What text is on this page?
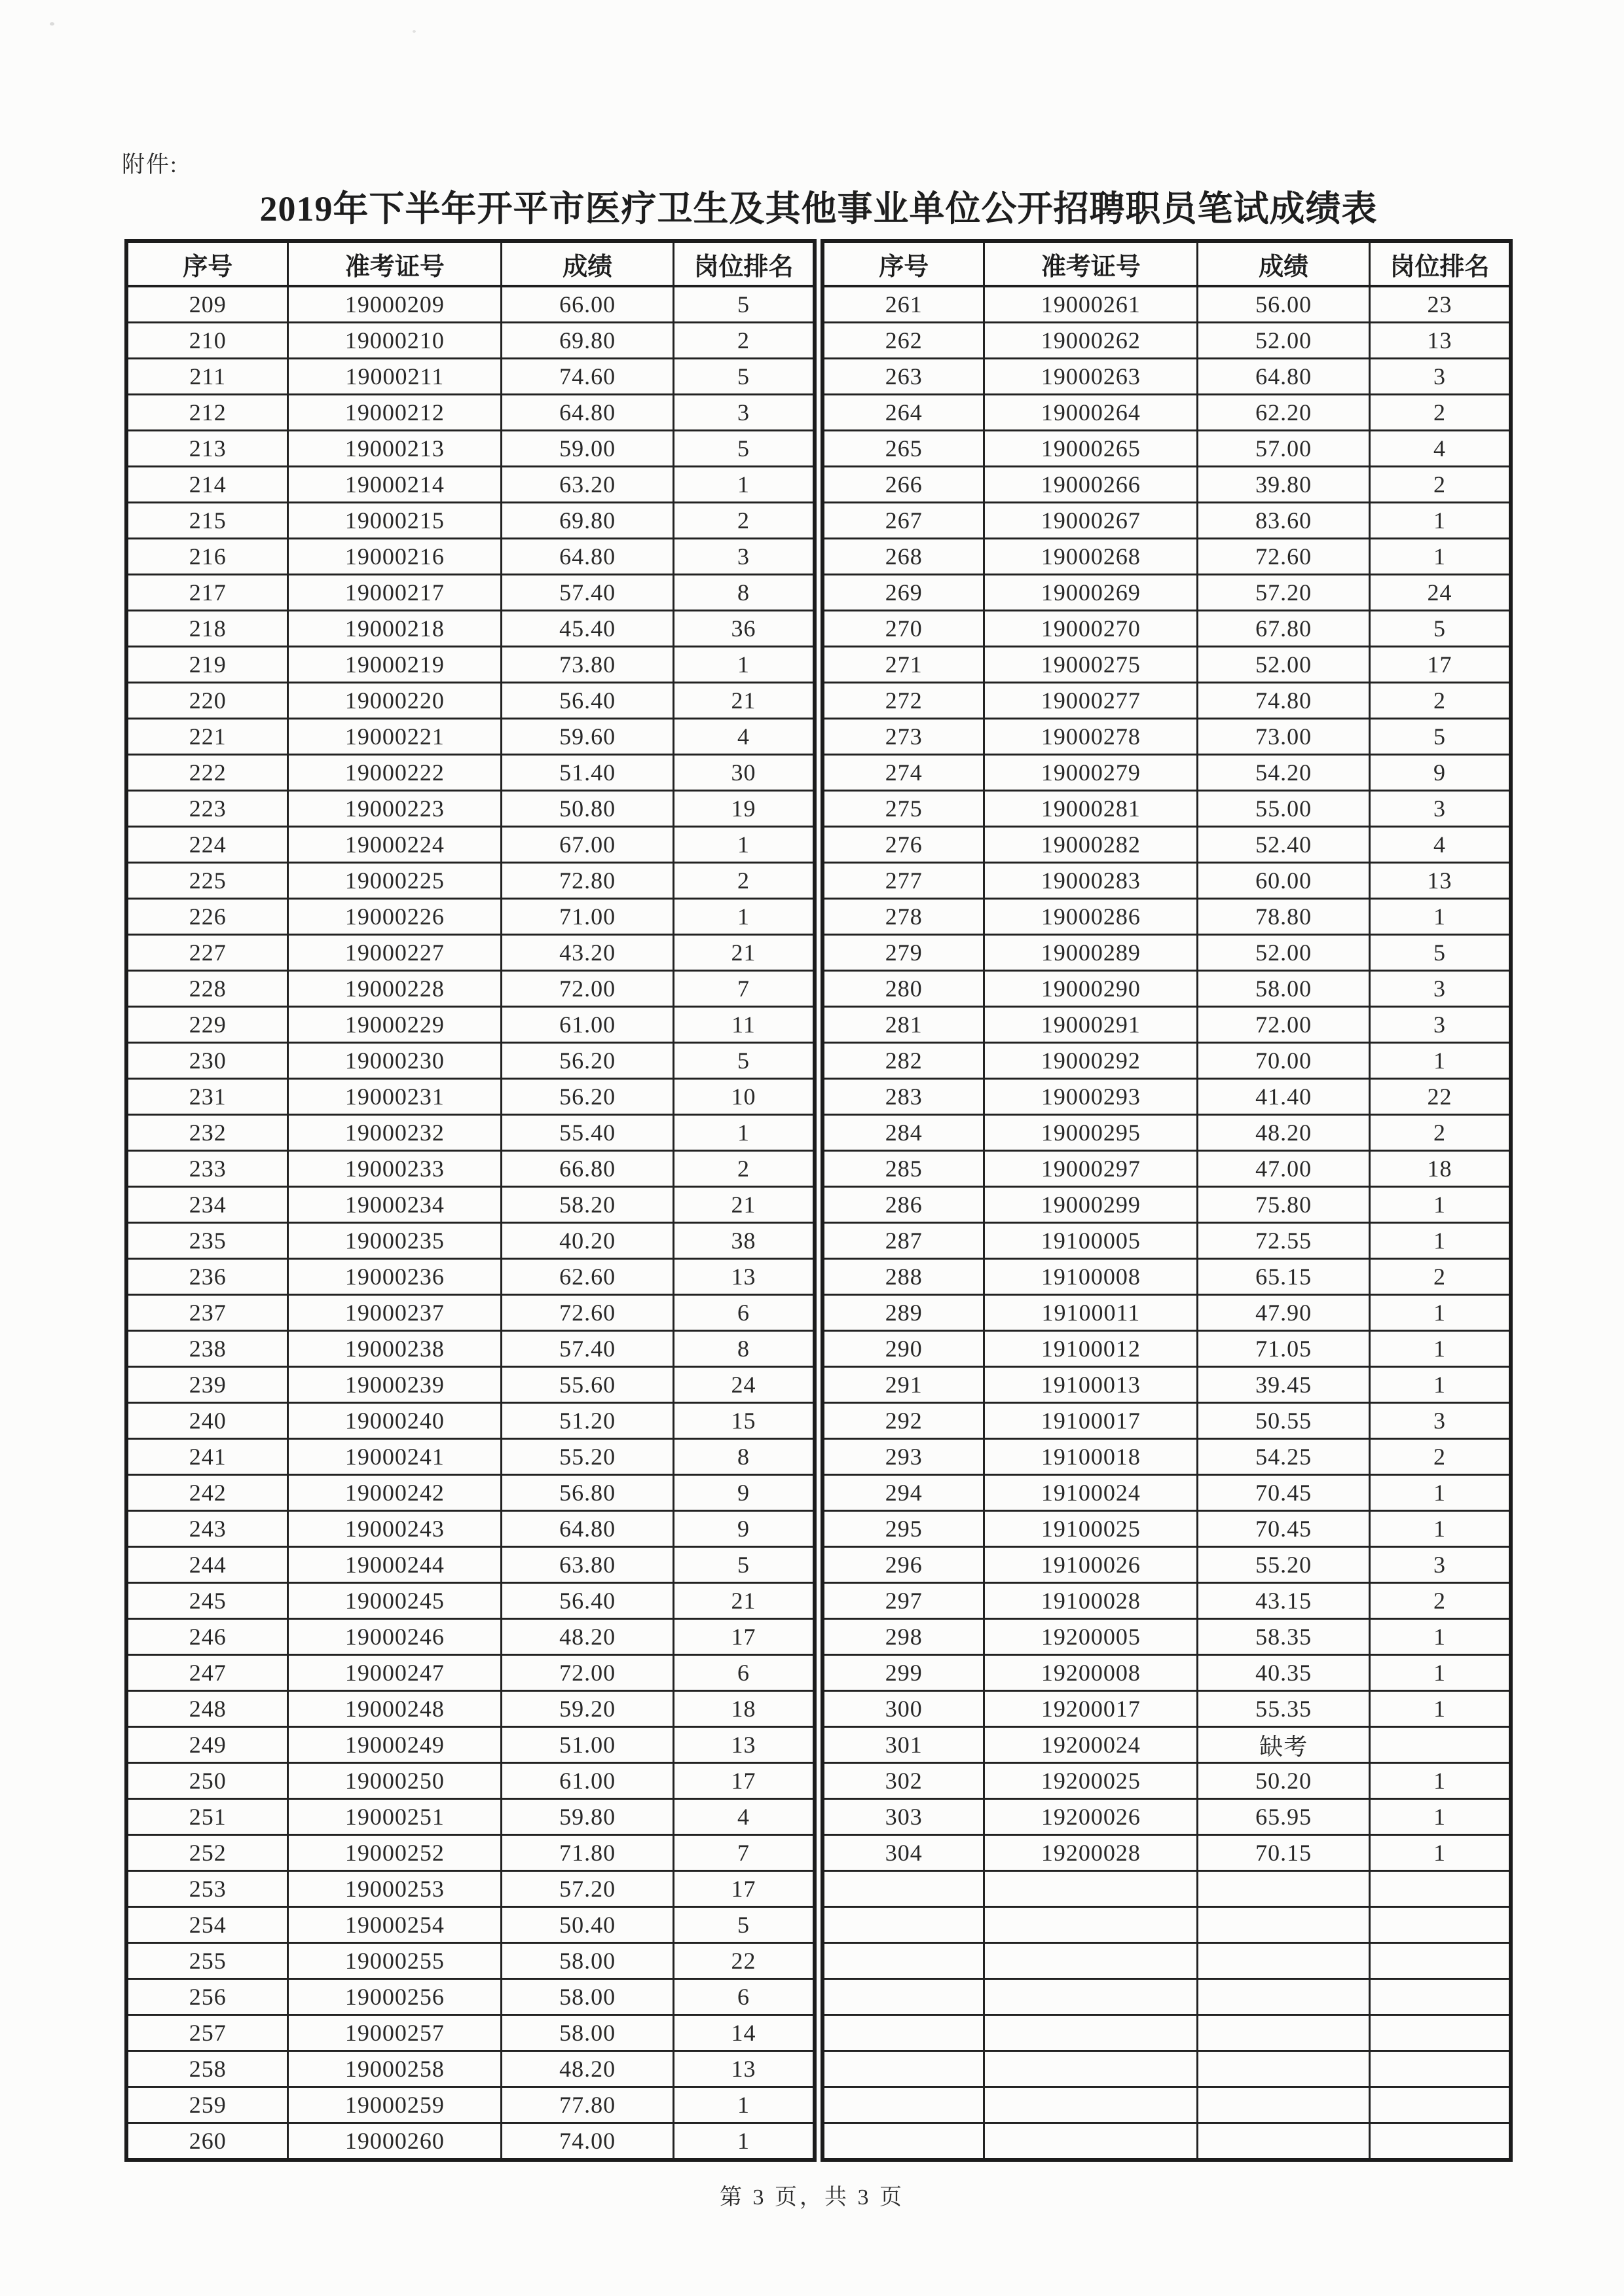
附件:
2019年下半年开平市医疗卫生及其他事业单位公开招聘职员笔试成绩表
序号	准考证号	成绩	岗位排名
209	19000209	66.00	5
210	19000210	69.80	2
211	19000211	74.60	5
212	19000212	64.80	3
213	19000213	59.00	5
214	19000214	63.20	1
215	19000215	69.80	2
216	19000216	64.80	3
217	19000217	57.40	8
218	19000218	45.40	36
219	19000219	73.80	1
220	19000220	56.40	21
221	19000221	59.60	4
222	19000222	51.40	30
223	19000223	50.80	19
224	19000224	67.00	1
225	19000225	72.80	2
226	19000226	71.00	1
227	19000227	43.20	21
228	19000228	72.00	7
229	19000229	61.00	11
230	19000230	56.20	5
231	19000231	56.20	10
232	19000232	55.40	1
233	19000233	66.80	2
234	19000234	58.20	21
235	19000235	40.20	38
236	19000236	62.60	13
237	19000237	72.60	6
238	19000238	57.40	8
239	19000239	55.60	24
240	19000240	51.20	15
241	19000241	55.20	8
242	19000242	56.80	9
243	19000243	64.80	9
244	19000244	63.80	5
245	19000245	56.40	21
246	19000246	48.20	17
247	19000247	72.00	6
248	19000248	59.20	18
249	19000249	51.00	13
250	19000250	61.00	17
251	19000251	59.80	4
252	19000252	71.80	7
253	19000253	57.20	17
254	19000254	50.40	5
255	19000255	58.00	22
256	19000256	58.00	6
257	19000257	58.00	14
258	19000258	48.20	13
259	19000259	77.80	1
260	19000260	74.00	1
序号	准考证号	成绩	岗位排名
261	19000261	56.00	23
262	19000262	52.00	13
263	19000263	64.80	3
264	19000264	62.20	2
265	19000265	57.00	4
266	19000266	39.80	2
267	19000267	83.60	1
268	19000268	72.60	1
269	19000269	57.20	24
270	19000270	67.80	5
271	19000275	52.00	17
272	19000277	74.80	2
273	19000278	73.00	5
274	19000279	54.20	9
275	19000281	55.00	3
276	19000282	52.40	4
277	19000283	60.00	13
278	19000286	78.80	1
279	19000289	52.00	5
280	19000290	58.00	3
281	19000291	72.00	3
282	19000292	70.00	1
283	19000293	41.40	22
284	19000295	48.20	2
285	19000297	47.00	18
286	19000299	75.80	1
287	19100005	72.55	1
288	19100008	65.15	2
289	19100011	47.90	1
290	19100012	71.05	1
291	19100013	39.45	1
292	19100017	50.55	3
293	19100018	54.25	2
294	19100024	70.45	1
295	19100025	70.45	1
296	19100026	55.20	3
297	19100028	43.15	2
298	19200005	58.35	1
299	19200008	40.35	1
300	19200017	55.35	1
301	19200024	缺考	
302	19200025	50.20	1
303	19200026	65.95	1
304	19200028	70.15	1

第 3 页，共 3 页
